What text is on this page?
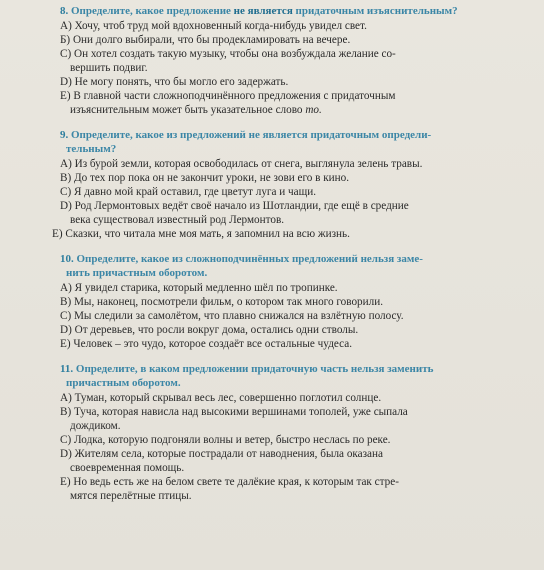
8. Определите, какое предложение не является придаточным изъяснительным?

А) Хочу, чтоб труд мой вдохновенный когда-нибудь увидел свет.

Б) Они долго выбирали, что бы продекламировать на вечере.

С) Он хотел создать такую музыку, чтобы она возбуждала желание со-
вершить подвиг.

D) Не могу понять, что бы могло его задержать.

Е) В главной части сложноподчинённого предложения с придаточным
изъяснительным может быть указательное слово то.

9. Определите, какое из предложений не является придаточным определи-
тельным?

А) Из бурой земли, которая освободилась от снега, выглянула зелень травы.

В) До тех пор пока он не закончит уроки, не зови его в кино.

С) Я давно мой край оставил, где цветут луга и чащи.

D) Род Лермонтовых ведёт своё начало из Шотландии, где ещё в средние
века существовал известный род Лермонтов.

Е) Сказки, что читала мне моя мать, я запомнил на всю жизнь.

10. Определите, какое из сложноподчинённых предложений нельзя заме-
нить причастным оборотом.

А) Я увидел старика, который медленно шёл по тропинке.

В) Мы, наконец, посмотрели фильм, о котором так много говорили.

С) Мы следили за самолётом, что плавно снижался на взлётную полосу.

D) От деревьев, что росли вокруг дома, остались одни стволы.

Е) Человек – это чудо, которое создаёт все остальные чудеса.

11. Определите, в каком предложении придаточную часть нельзя заменить
причастным оборотом.

А) Туман, который скрывал весь лес, совершенно поглотил солнце.

В) Туча, которая нависла над высокими вершинами тополей, уже сыпала
дождиком.

С) Лодка, которую подгоняли волны и ветер, быстро неслась по реке.

D) Жителям села, которые пострадали от наводнения, была оказана
своевременная помощь.

Е) Но ведь есть же на белом свете те далёкие края, к которым так стре-
мятся перелётные птицы.
